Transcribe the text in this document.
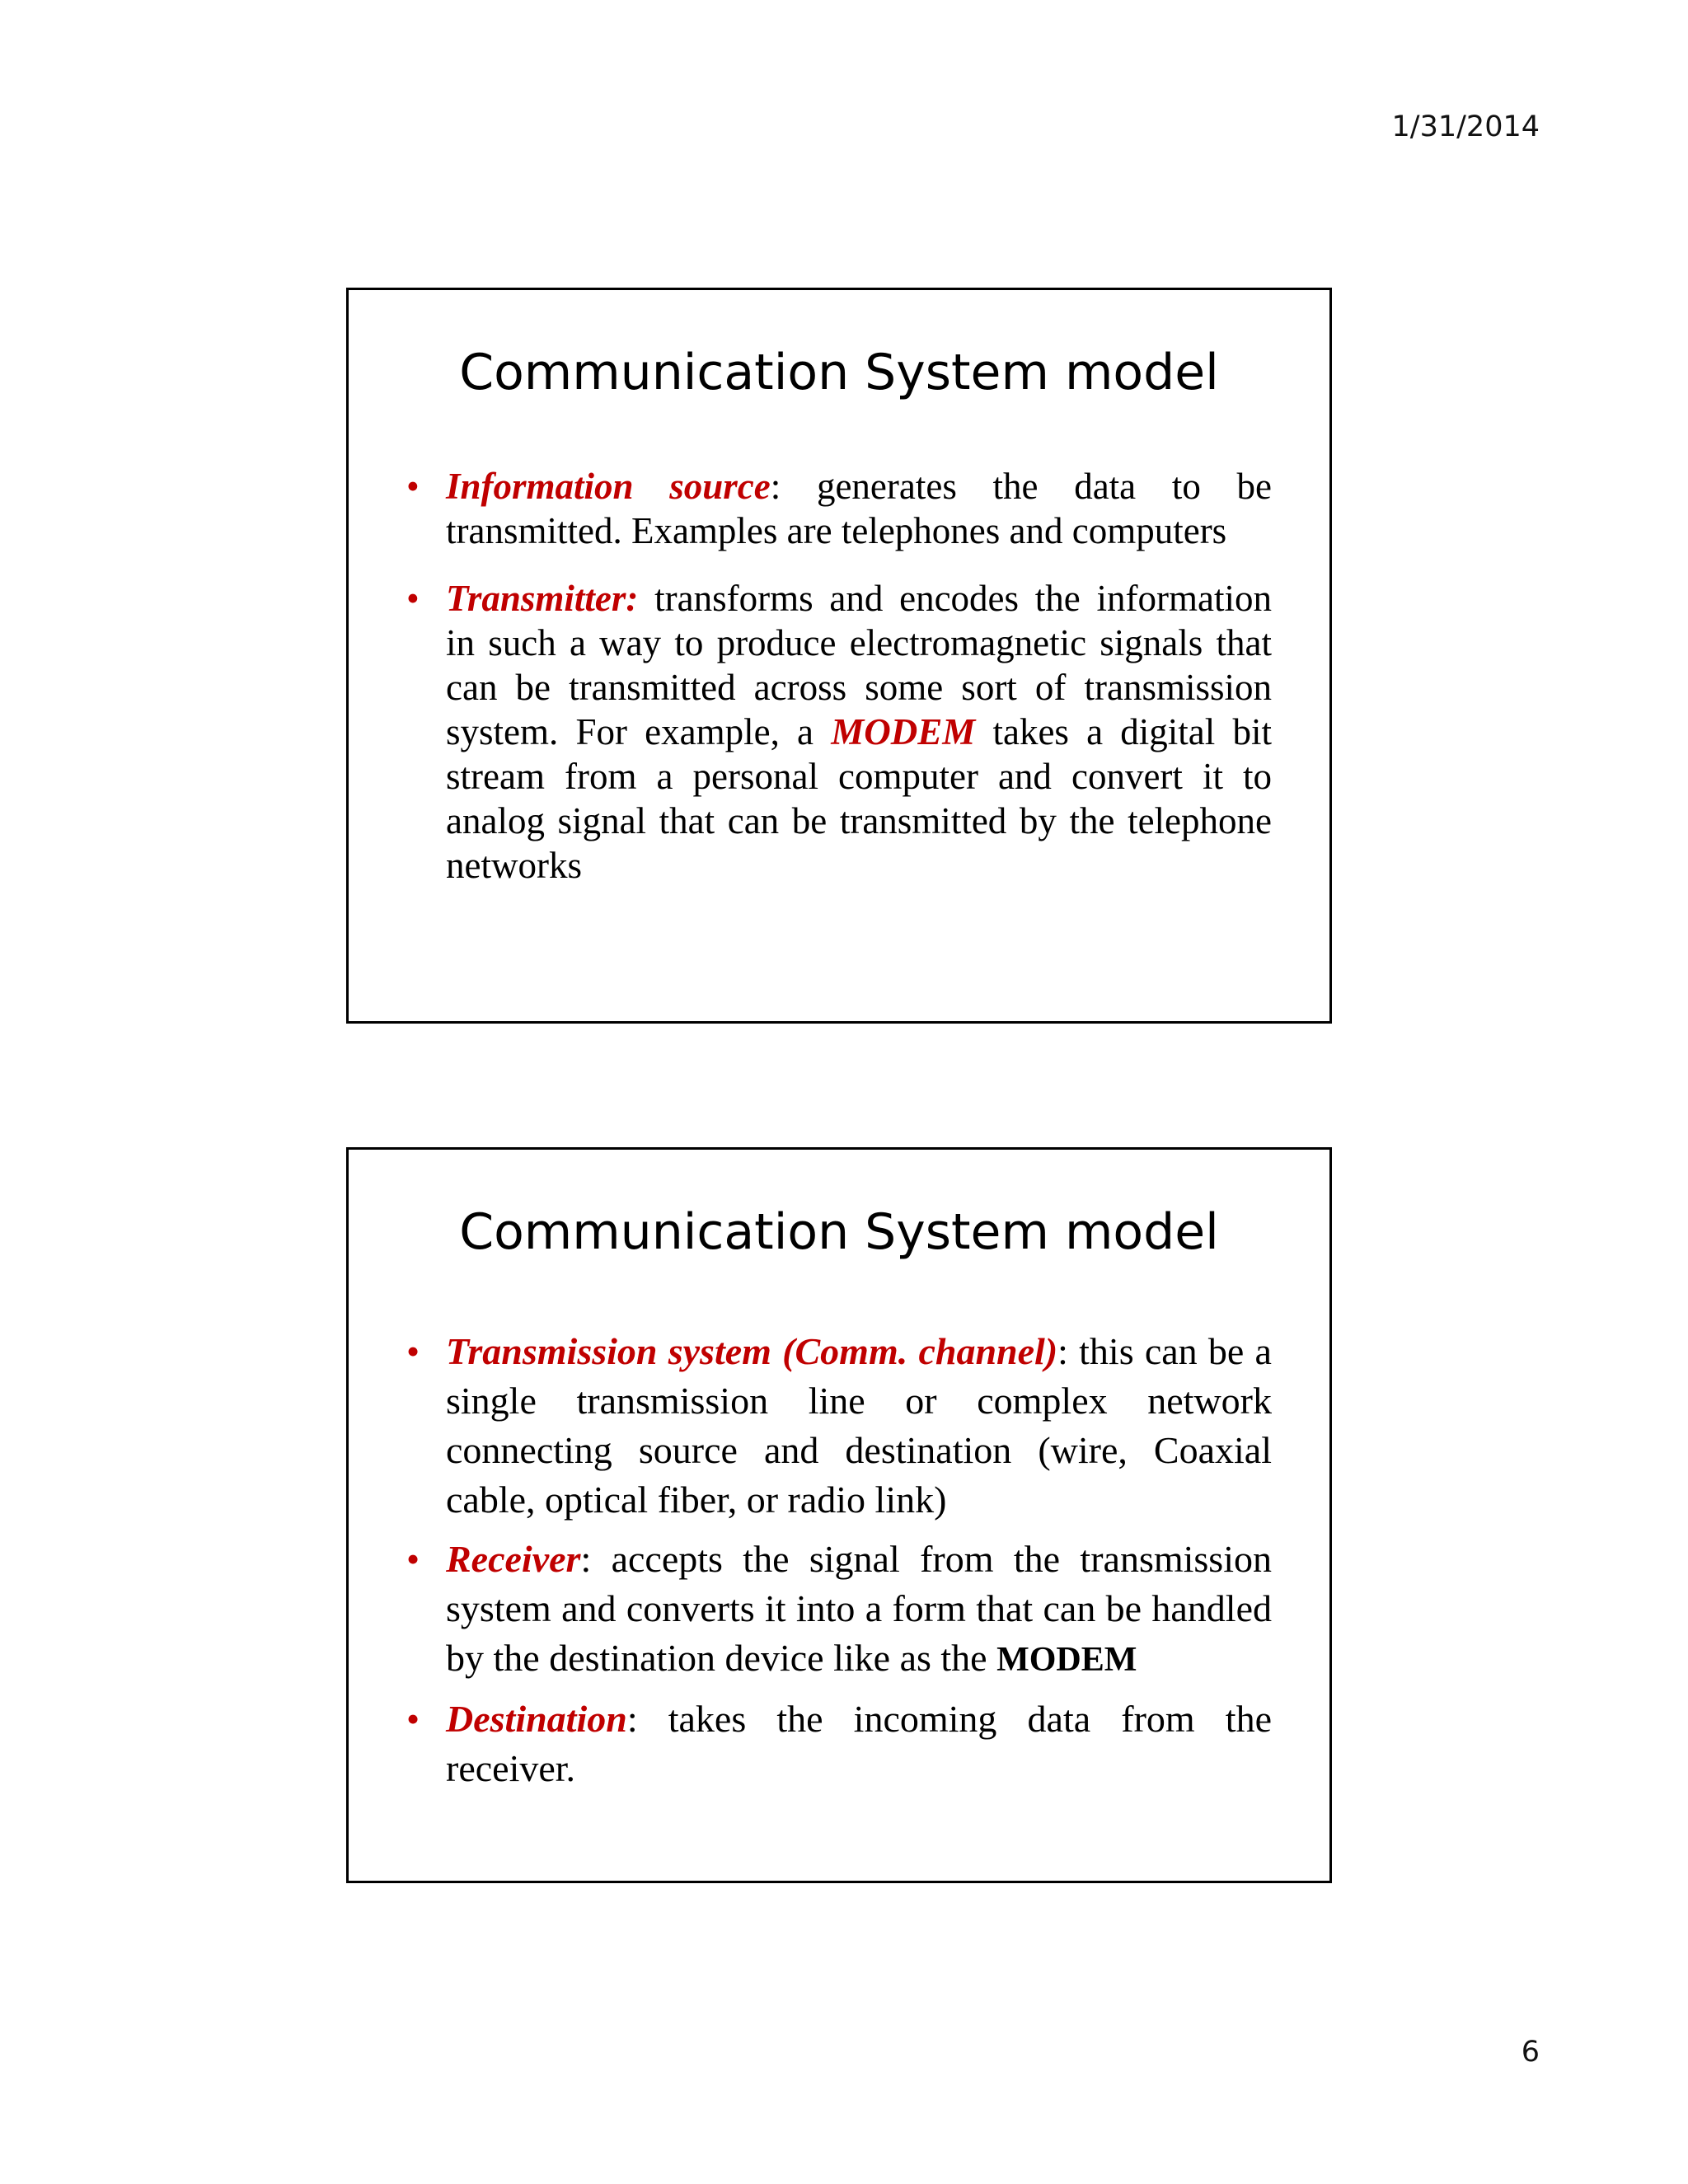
1/31/2014
Communication System model
• Information source: generates the data to be transmitted. Examples are telephones and computers
• Transmitter: transforms and encodes the information in such a way to produce electromagnetic signals that can be transmitted across some sort of transmission system. For example, a MODEM takes a digital bit stream from a personal computer and convert it to analog signal that can be transmitted by the telephone networks
Communication System model
• Transmission system (Comm. channel): this can be a single transmission line or complex network connecting source and destination (wire, Coaxial cable, optical fiber, or radio link)
• Receiver: accepts the signal from the transmission system and converts it into a form that can be handled by the destination device like as the MODEM
• Destination: takes the incoming data from the receiver.
6
